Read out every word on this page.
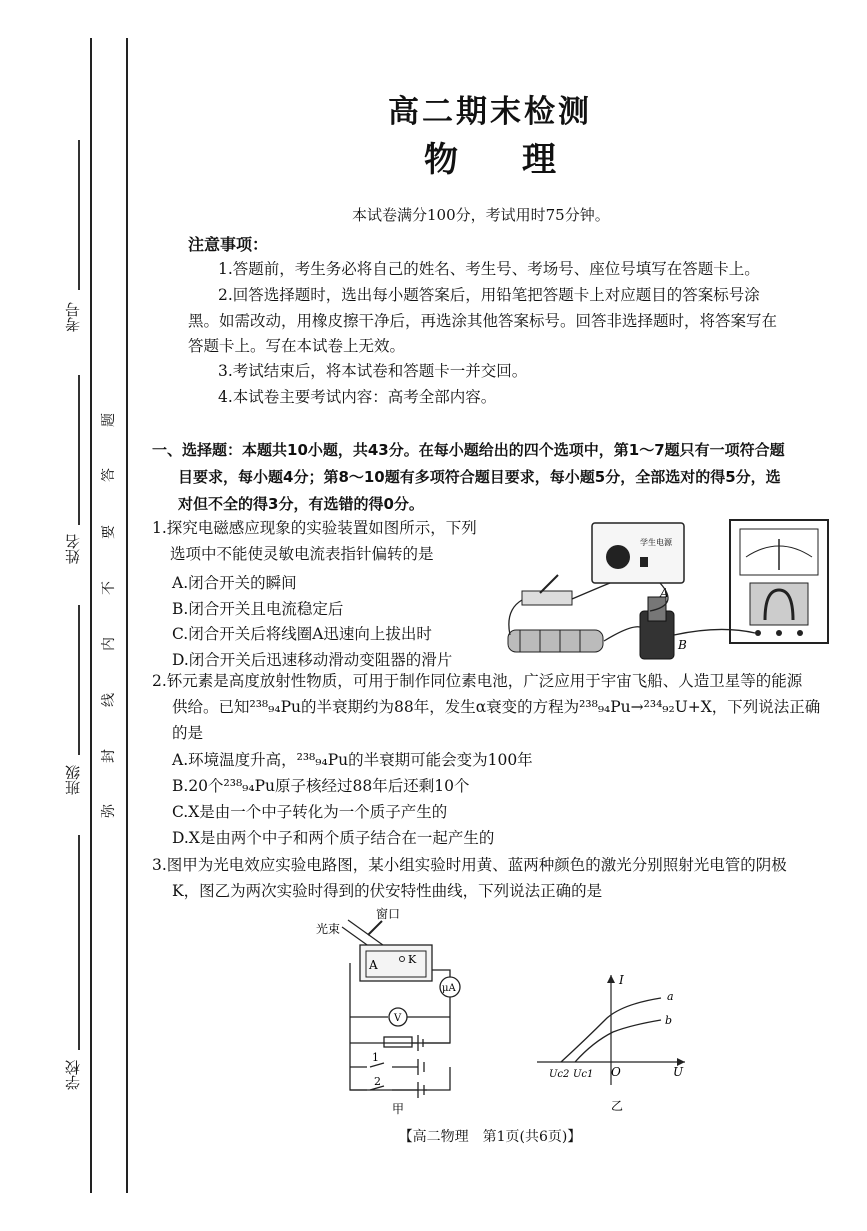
考号
姓名
班级
学校
题
答
要
不
内
线
封
弥
高二期末检测
物 理
本试卷满分100分，考试用时75分钟。
注意事项：
1.答题前，考生务必将自己的姓名、考生号、考场号、座位号填写在答题卡上。
2.回答选择题时，选出每小题答案后，用铅笔把答题卡上对应题目的答案标号涂
黑。如需改动，用橡皮擦干净后，再选涂其他答案标号。回答非选择题时，将答案写在
答题卡上。写在本试卷上无效。
3.考试结束后，将本试卷和答题卡一并交回。
4.本试卷主要考试内容：高考全部内容。
一、选择题：本题共10小题，共43分。在每小题给出的四个选项中，第1～7题只有一项符合题
目要求，每小题4分；第8～10题有多项符合题目要求，每小题5分，全部选对的得5分，选
对但不全的得3分，有选错的得0分。
1.探究电磁感应现象的实验装置如图所示，下列
选项中不能使灵敏电流表指针偏转的是
A.闭合开关的瞬间
B.闭合开关且电流稳定后
C.闭合开关后将线圈A迅速向上拔出时
D.闭合开关后迅速移动滑动变阻器的滑片
学生电源
A
B
2.钚元素是高度放射性物质，可用于制作同位素电池，广泛应用于宇宙飞船、人造卫星等的能源
供给。已知²³⁸₉₄Pu的半衰期约为88年，发生α衰变的方程为²³⁸₉₄Pu→²³⁴₉₂U+X，下列说法正确
的是
A.环境温度升高，²³⁸₉₄Pu的半衰期可能会变为100年
B.20个²³⁸₉₄Pu原子核经过88年后还剩10个
C.X是由一个中子转化为一个质子产生的
D.X是由两个中子和两个质子结合在一起产生的
3.图甲为光电效应实验电路图，某小组实验时用黄、蓝两种颜色的激光分别照射光电管的阴极
K，图乙为两次实验时得到的伏安特性曲线，下列说法正确的是
光束
窗口
A	K
μA
V
1
2
甲
I
U
O
Uc2 Uc1
a
b
乙
【高二物理　第1页(共6页)】
